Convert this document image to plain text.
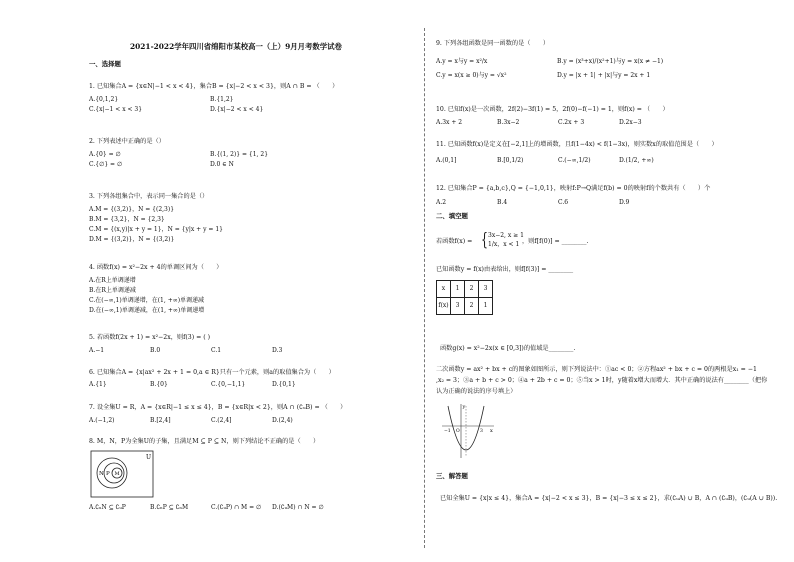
2021-2022学年四川省绵阳市某校高一（上）9月月考数学试卷
一、选择题
1. 已知集合A = {x∈N|−1 < x < 4}，集合B = {x|−2 < x < 3}，则A ∩ B = （　　）
A.{0,1,2}	B.{1,2}
C.{x|−1 < x < 3}	D.{x|−2 < x < 4}
2. 下列表述中正确的是（）
A.{0} = ∅	B.{(1, 2)} = {1, 2}
C.{∅} = ∅	D.0 ∈ N
3. 下列各组集合中，表示同一集合的是（）
A.M = {(3,2)}，N = {(2,3)}
B.M = {3,2}，N = {2,3}
C.M = {(x,y)|x + y = 1}，N = {y|x + y = 1}
D.M = {(3,2)}，N = {(3,2)}
4. 函数f(x) = x²−2x + 4的单调区间为（　　）
A.在R上单调递增
B.在R上单调递减
C.在(−∞,1)单调递增，在(1, +∞)单调递减
D.在(−∞,1)单调递减，在(1, +∞)单调递增
5. 若函数f(2x + 1) = x²−2x，则f(3) = ( )
A.−1	B.0	C.1	D.3
6. 已知集合A = {x|ax² + 2x + 1 = 0,a ∈ R}只有一个元素，则a的取值集合为（　　）
A.{1}	B.{0}	C.{0,−1,1}	D.{0,1}
7. 设全集U = R，A = {x∈R|−1 ≤ x ≤ 4}，B = {x∈R|x < 2}，则A ∩ (∁ᵤB) = （　　）
A.(−1,2)	B.[2,4]	C.(2,4]	D.(2,4)
8. M，N，P为全集U的子集，且满足M ⊆ P ⊆ N，则下列结论不正确的是（　　）
U
N P M
A.∁ᵤN ⊆ ∁ᵤP	B.∁ₙP ⊆ ∁ₙM	C.(∁ᵤP) ∩ M = ∅ D.(∁ᵤM) ∩ N = ∅
9. 下列各组函数是同一函数的是（　　）
A.y = x与y = x²/x	B.y = (x³+x)/(x²+1)与y = x(x ≠ −1)
C.y = x(x ≥ 0)与y = √x²	D.y = |x + 1| + |x|与y = 2x + 1
10. 已知f(x)是一次函数，2f(2)−3f(1) = 5，2f(0)−f(−1) = 1，则f(x) = （　　）
A.3x + 2	B.3x−2	C.2x + 3	D.2x−3
11. 已知函数f(x)是定义在[−2,1]上的增函数，且f(1−4x) < f(1−3x)，则实数x的取值范围是（　　）
A.(0,1]	B.[0,1/2)	C.(−∞,1/2)	D.(1/2, +∞)
12. 已知集合P = {a,b,c},Q = {−1,0,1}，映射f:P→Q满足f(b) = 0的映射f的个数共有（　　）个
A.2	B.4	C.6	D.9
二、填空题
若函数f(x) = { 3x−2, x ≥ 1
1/x，x < 1 ，则f[f(0)] = ________.
已知函数y = f(x)由表给出，则f[f(3)] = ________
x	1	2	3
f(x)	3	2	1
函数g(x) = x²−2x(x ∈ [0,3])的值域是________.
二次函数y = ax² + bx + c的图象如图所示，则下列说法中：①ac < 0；②方程ax² + bx + c = 0的两根是x₁ = −1
,x₂ = 3；③a + b + c > 0；④a + 2b + c = 0；⑤当x > 1时，y随着x增大而增大．其中正确的说法有________（把你
认为正确的说法的序号填上）
y
x
O
−1	3
三、解答题
已知全集U = {x|x ≤ 4}，集合A = {x|−2 < x ≤ 3}，B = {x|−3 ≤ x ≤ 2}，求(∁ᵤA) ∪ B，A ∩ (∁ᵤB)，(∁ᵤ(A ∪ B)).
